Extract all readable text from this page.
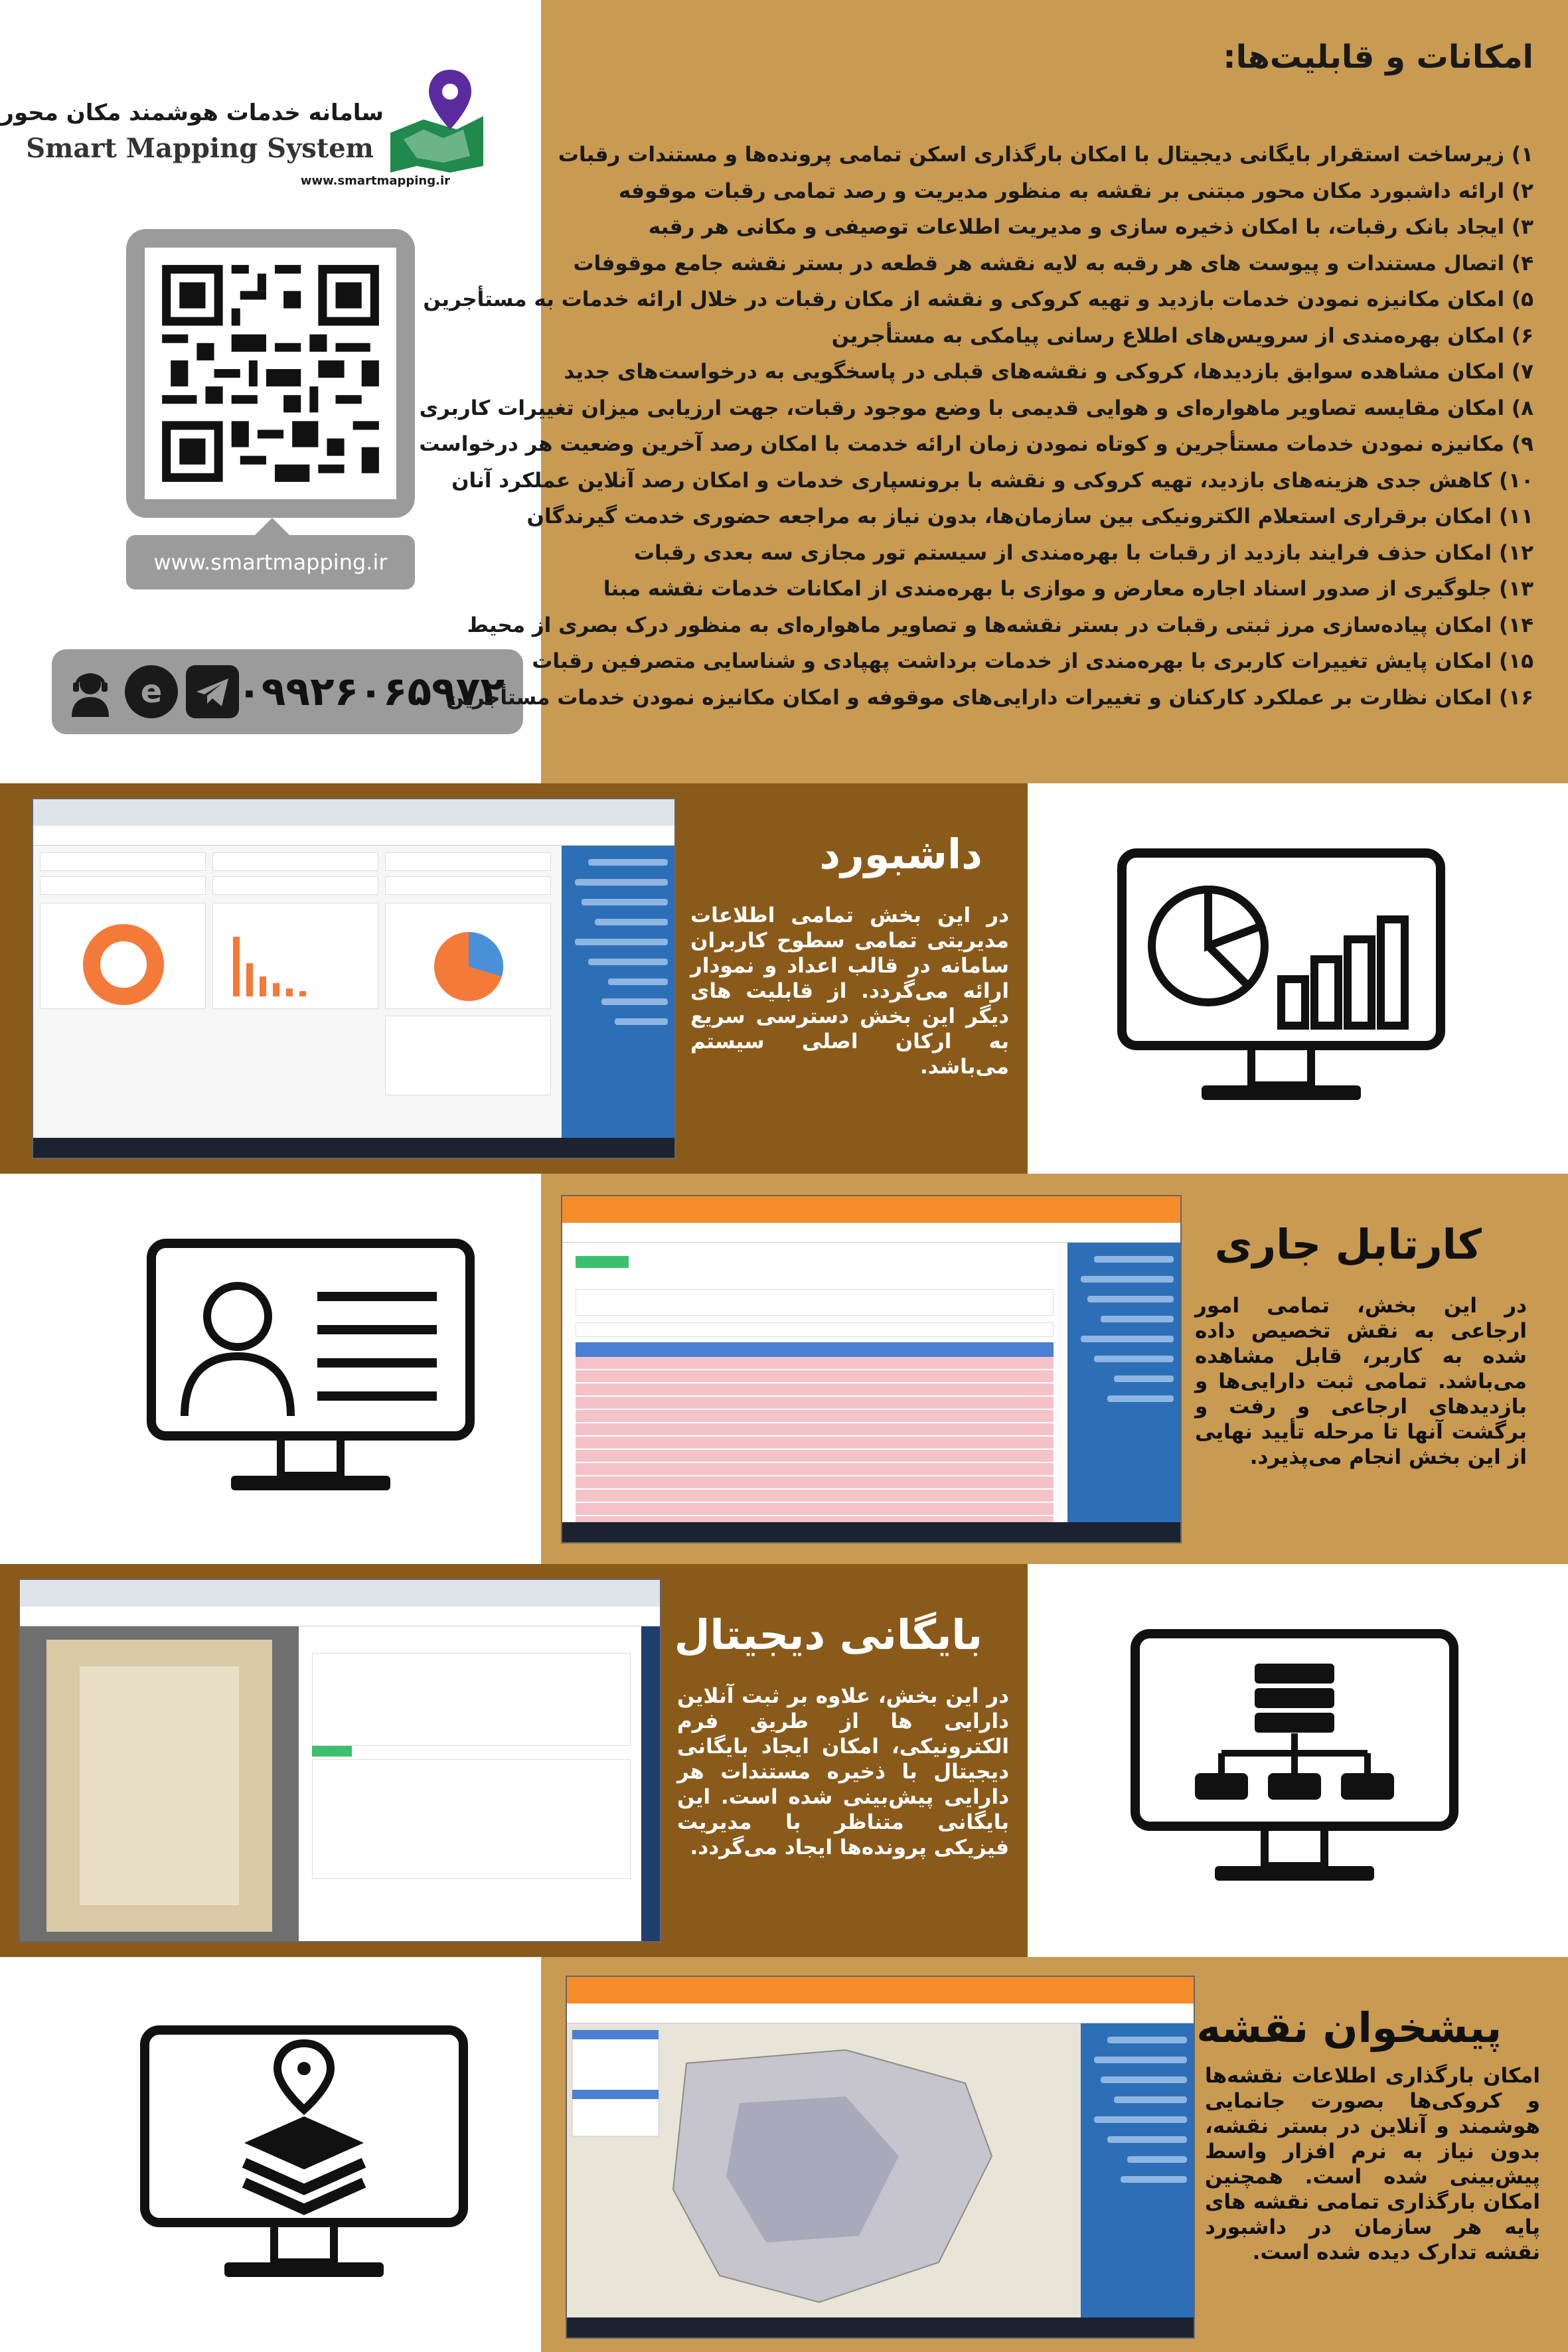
سامانه خدمات هوشمند مکان محور
Smart Mapping System
www.smartmapping.ir
www.smartmapping.ir
e ۰۹۹۲۶۰۶۵۹۷۲
امکانات و قابلیت‌ها:
۱) زیرساخت استقرار بایگانی دیجیتال با امکان بارگذاری اسکن تمامی پرونده‌ها و مستندات رقبات
۲) ارائه داشبورد مکان محور مبتنی بر نقشه به منظور مدیریت و رصد تمامی رقبات موقوفه
۳) ایجاد بانک رقبات، با امکان ذخیره سازی و مدیریت اطلاعات توصیفی و مکانی هر رقبه
۴) اتصال مستندات و پیوست های هر رقبه به لایه نقشه هر قطعه در بستر نقشه جامع موقوفات
۵) امکان مکانیزه نمودن خدمات بازدید و تهیه کروکی و نقشه از مکان رقبات در خلال ارائه خدمات به مستأجرین
۶) امکان بهره‌مندی از سرویس‌های اطلاع رسانی پیامکی به مستأجرین
۷) امکان مشاهده سوابق بازدیدها، کروکی و نقشه‌های قبلی در پاسخگویی به درخواست‌های جدید
۸) امکان مقایسه تصاویر ماهواره‌ای و هوایی قدیمی با وضع موجود رقبات، جهت ارزیابی میزان تغییرات کاربری
۹) مکانیزه نمودن خدمات مستأجرین و کوتاه نمودن زمان ارائه خدمت با امکان رصد آخرین وضعیت هر درخواست
۱۰) کاهش جدی هزینه‌های بازدید، تهیه کروکی و نقشه با برونسپاری خدمات و امکان رصد آنلاین عملکرد آنان
۱۱) امکان برقراری استعلام الکترونیکی بین سازمان‌ها، بدون نیاز به مراجعه حضوری خدمت گیرندگان
۱۲) امکان حذف فرایند بازدید از رقبات با بهره‌مندی از سیستم تور مجازی سه بعدی رقبات
۱۳) جلوگیری از صدور اسناد اجاره معارض و موازی با بهره‌مندی از امکانات خدمات نقشه مبنا
۱۴) امکان پیاده‌سازی مرز ثبتی رقبات در بستر نقشه‌ها و تصاویر ماهواره‌ای به منظور درک بصری از محیط
۱۵) امکان پایش تغییرات کاربری با بهره‌مندی از خدمات برداشت پهپادی و شناسایی متصرفین رقبات
۱۶) امکان نظارت بر عملکرد کارکنان و تغییرات دارایی‌های موقوفه و امکان مکانیزه نمودن خدمات مستأجرین
داشبورد
در این بخش تمامی اطلاعات مدیریتی تمامی سطوح کاربران سامانه در قالب اعداد و نمودار ارائه می‌گردد. از قابلیت های دیگر این بخش دسترسی سریع به ارکان اصلی سیستم می‌باشد.
کارتابل جاری
در این بخش، تمامی امور ارجاعی به نقش تخصیص داده شده به کاربر، قابل مشاهده می‌باشد. تمامی ثبت دارایی‌ها و بازدیدهای ارجاعی و رفت و برگشت آنها تا مرحله تأیید نهایی از این بخش انجام می‌پذیرد.
بایگانی دیجیتال
در این بخش، علاوه بر ثبت آنلاین دارایی ها از طریق فرم الکترونیکی، امکان ایجاد بایگانی دیجیتال با ذخیره مستندات هر دارایی پیش‌بینی شده است. این بایگانی متناظر با مدیریت فیزیکی پرونده‌ها ایجاد می‌گردد.
پیشخوان نقشه
امکان بارگذاری اطلاعات نقشه‌ها و کروکی‌ها بصورت جانمایی هوشمند و آنلاین در بستر نقشه، بدون نیاز به نرم افزار واسط پیش‌بینی شده است. همچنین امکان بارگذاری تمامی نقشه های پایه هر سازمان در داشبورد نقشه تدارک دیده شده است.
